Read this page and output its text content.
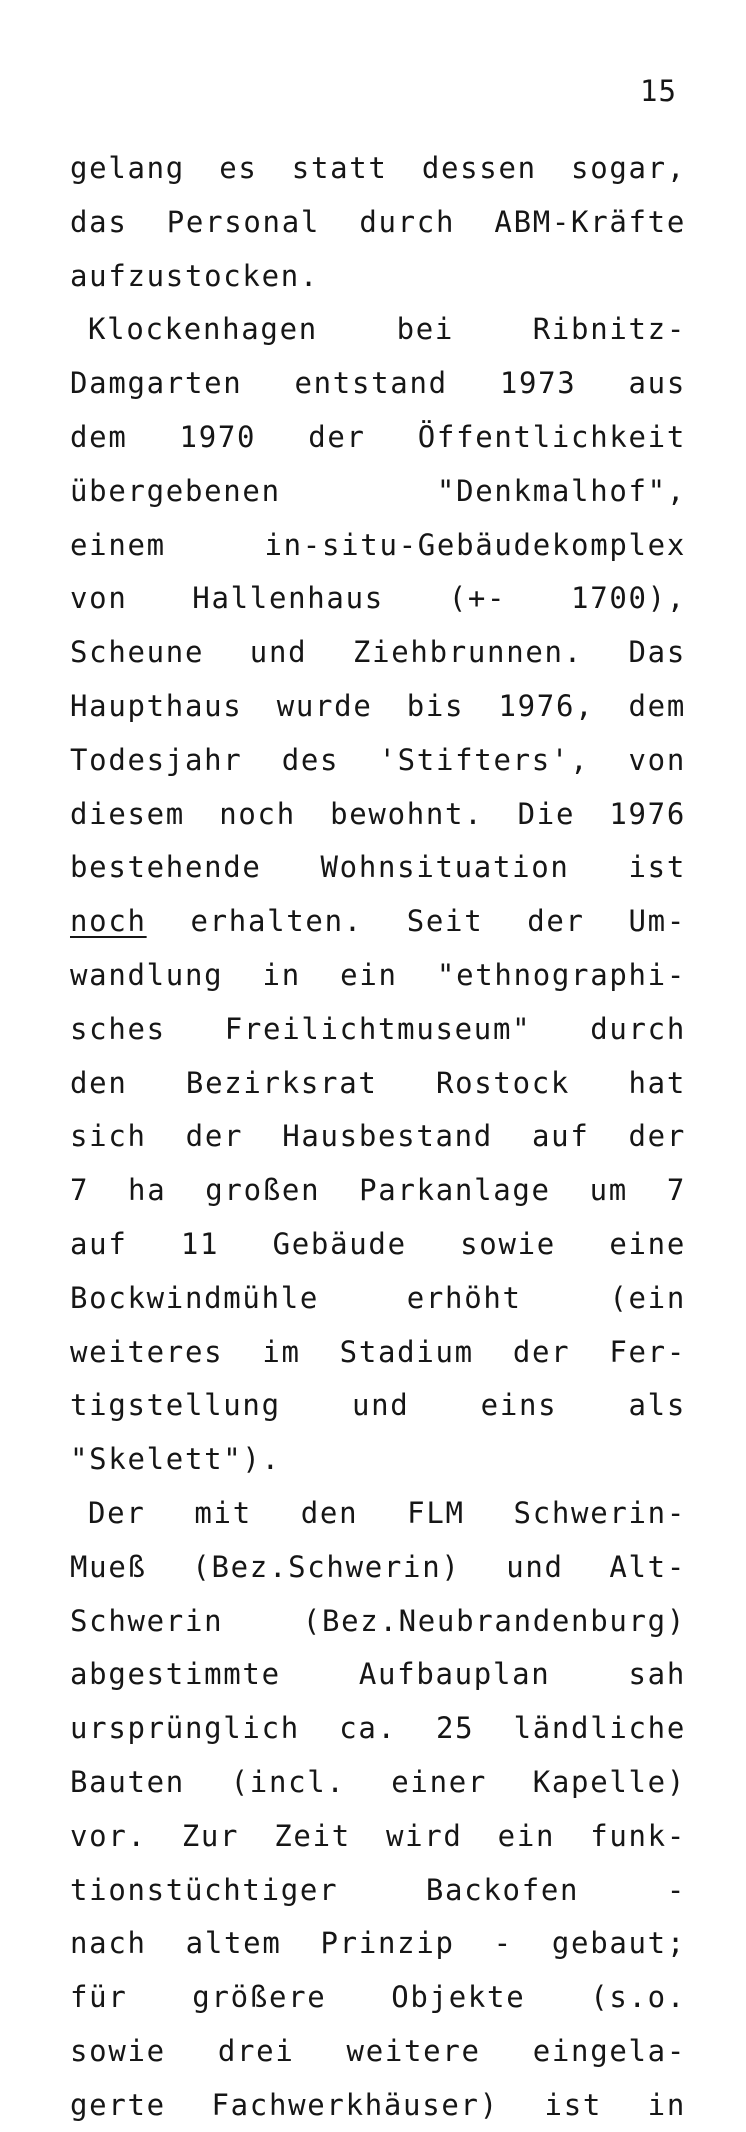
15
gelang es statt dessen sogar,
das Personal durch ABM-Kräfte
aufzustocken.
Klockenhagen bei Ribnitz-
Damgarten entstand 1973 aus
dem 1970 der Öffentlichkeit
übergebenen "Denkmalhof",
einem in-situ-Gebäudekomplex
von Hallenhaus (+- 1700),
Scheune und Ziehbrunnen. Das
Haupthaus wurde bis 1976, dem
Todesjahr des 'Stifters', von
diesem noch bewohnt. Die 1976
bestehende Wohnsituation ist
noch erhalten. Seit der Um-
wandlung in ein "ethnographi-
sches Freilichtmuseum" durch
den Bezirksrat Rostock hat
sich der Hausbestand auf der
7 ha großen Parkanlage um 7
auf 11 Gebäude sowie eine
Bockwindmühle erhöht (ein
weiteres im Stadium der Fer-
tigstellung und eins als
"Skelett").
Der mit den FLM Schwerin-
Mueß (Bez.Schwerin) und Alt-
Schwerin (Bez.Neubrandenburg)
abgestimmte Aufbauplan sah
ursprünglich ca. 25 ländliche
Bauten (incl. einer Kapelle)
vor. Zur Zeit wird ein funk-
tionstüchtiger Backofen -
nach altem Prinzip - gebaut;
für größere Objekte (s.o.
sowie drei weitere eingela-
gerte Fachwerkhäuser) ist in
